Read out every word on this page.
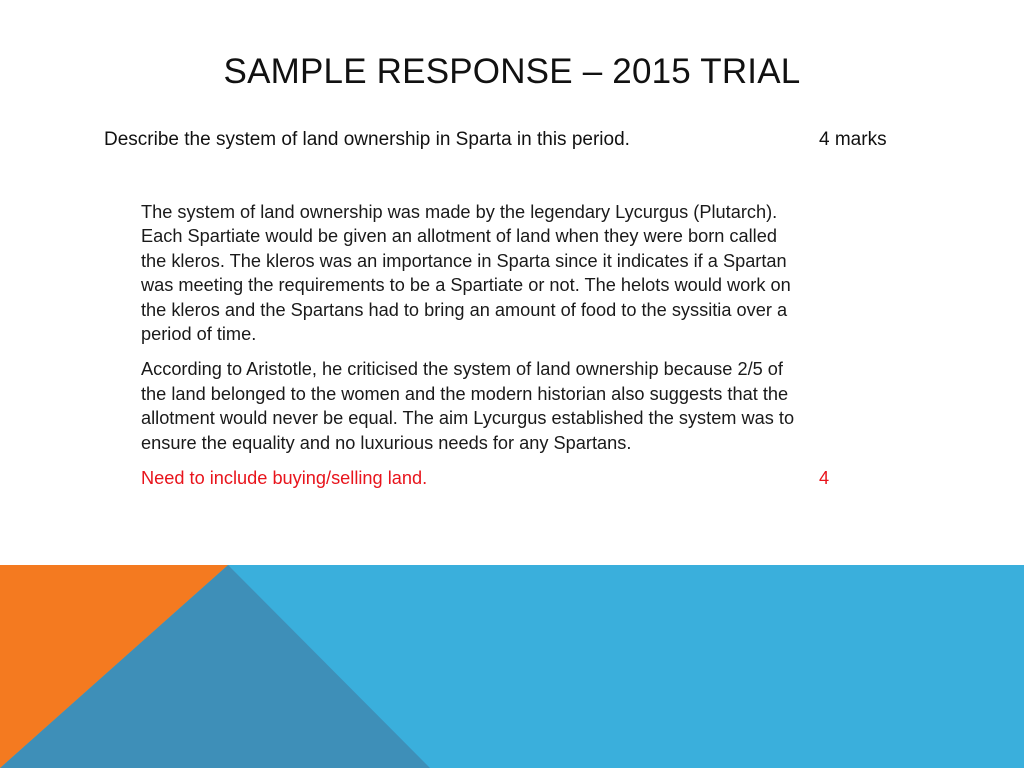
SAMPLE RESPONSE – 2015 TRIAL
Describe the system of land ownership in Sparta in this period.	4 marks

The system of land ownership was made by the legendary Lycurgus (Plutarch).
Each Spartiate would be given an allotment of land when they were born called
the kleros. The kleros was an importance in Sparta since it indicates if a Spartan
was meeting the requirements to be a Spartiate or not. The helots would work on
the kleros and the Spartans had to bring an amount of food to the syssitia over a
period of time.

According to Aristotle, he criticised the system of land ownership because 2/5 of
the land belonged to the women and the modern historian also suggests that the
allotment would never be equal. The aim Lycurgus established the system was to
ensure the equality and no luxurious needs for any Spartans.

Need to include buying/selling land.	4
